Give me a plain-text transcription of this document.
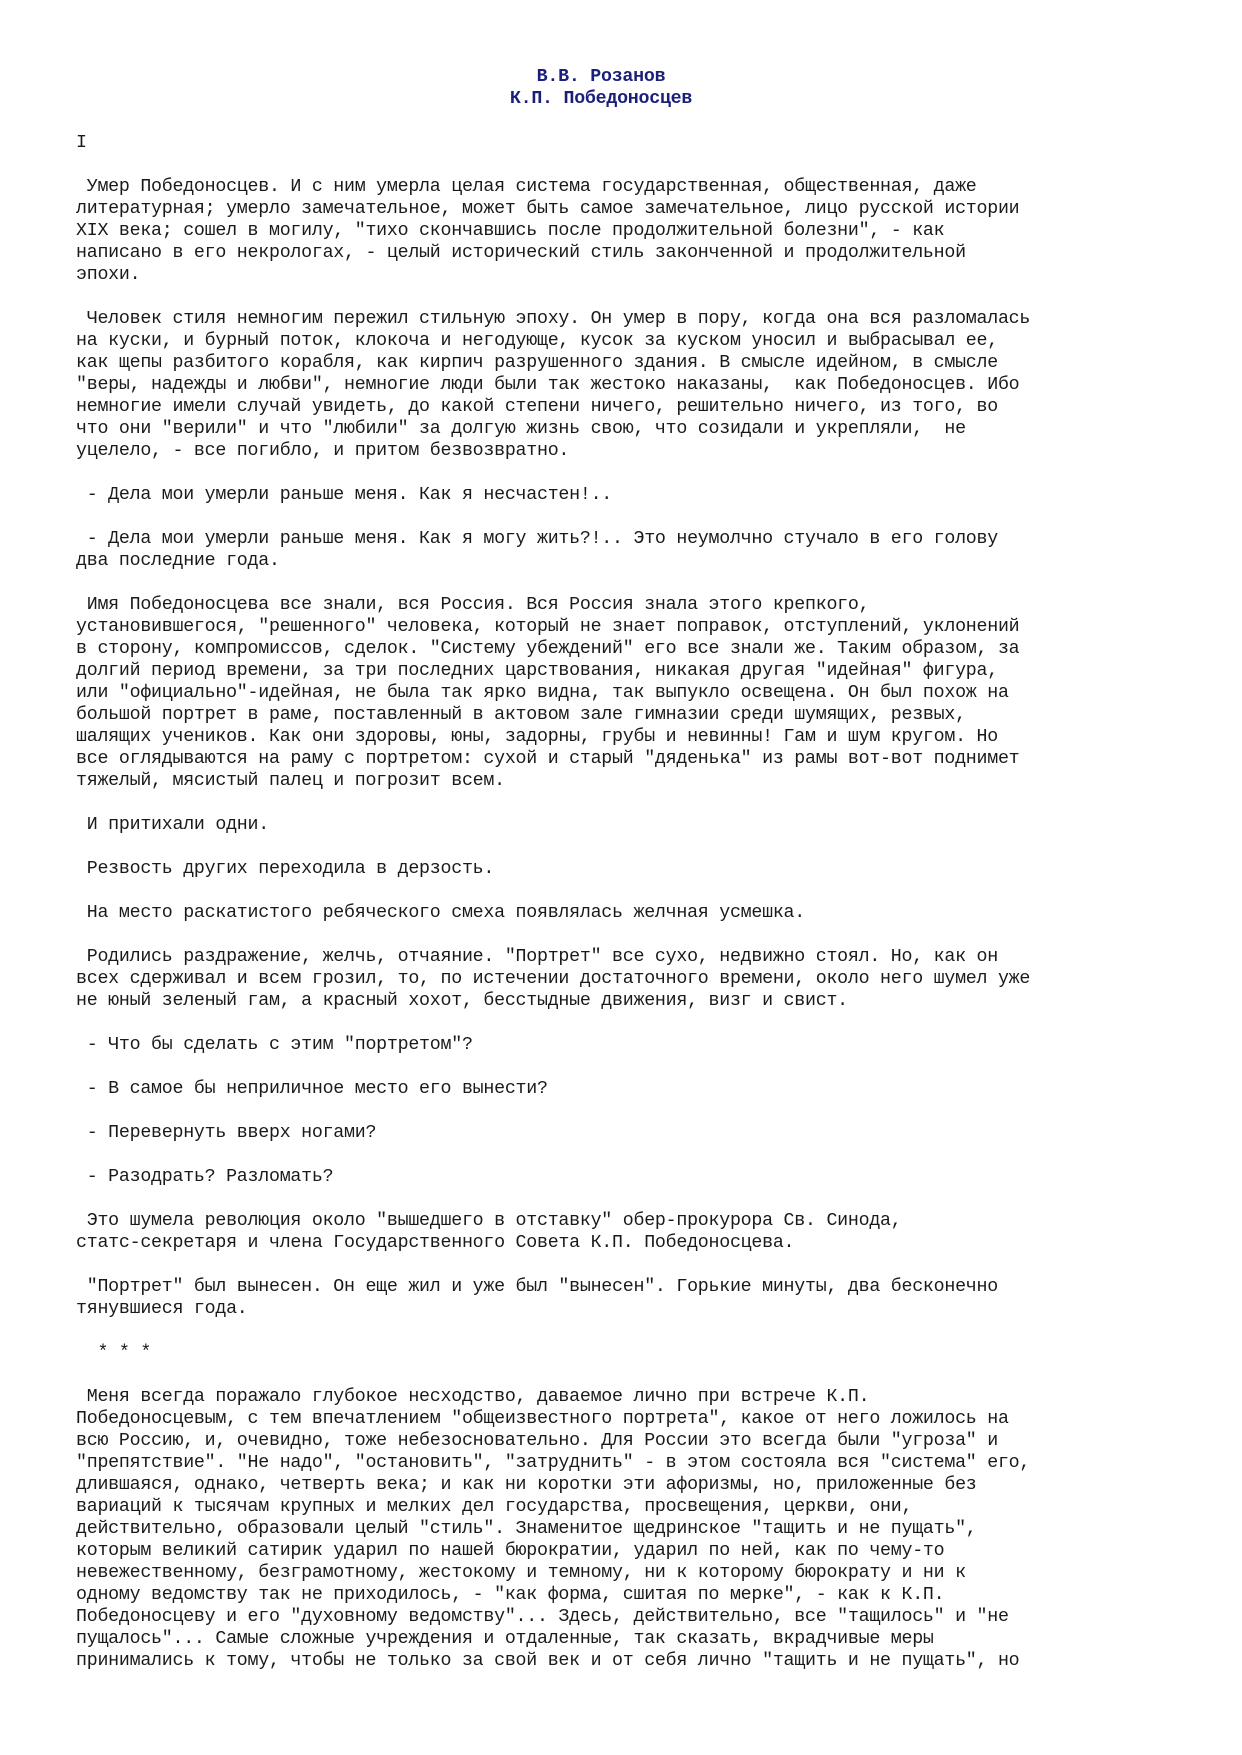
В.В. Розанов
К.П. Победоносцев
I
Умер Победоносцев. И с ним умерла целая система государственная, общественная, даже
литературная; умерло замечательное, может быть самое замечательное, лицо русской истории
XIX века; сошел в могилу, "тихо скончавшись после продолжительной болезни", - как
написано в его некрологах, - целый исторический стиль законченной и продолжительной
эпохи.
Человек стиля немногим пережил стильную эпоху. Он умер в пору, когда она вся разломалась
на куски, и бурный поток, клокоча и негодующе, кусок за куском уносил и выбрасывал ее,
как щепы разбитого корабля, как кирпич разрушенного здания. В смысле идейном, в смысле
"веры, надежды и любви", немногие люди были так жестоко наказаны,  как Победоносцев. Ибо
немногие имели случай увидеть, до какой степени ничего, решительно ничего, из того, во
что они "верили" и что "любили" за долгую жизнь свою, что созидали и укрепляли,  не
уцелело, - все погибло, и притом безвозвратно.
- Дела мои умерли раньше меня. Как я несчастен!..
- Дела мои умерли раньше меня. Как я могу жить?!.. Это неумолчно стучало в его голову
два последние года.
Имя Победоносцева все знали, вся Россия. Вся Россия знала этого крепкого,
установившегося, "решенного" человека, который не знает поправок, отступлений, уклонений
в сторону, компромиссов, сделок. "Систему убеждений" его все знали же. Таким образом, за
долгий период времени, за три последних царствования, никакая другая "идейная" фигура,
или "официально"-идейная, не была так ярко видна, так выпукло освещена. Он был похож на
большой портрет в раме, поставленный в актовом зале гимназии среди шумящих, резвых,
шалящих учеников. Как они здоровы, юны, задорны, грубы и невинны! Гам и шум кругом. Но
все оглядываются на раму с портретом: сухой и старый "дяденька" из рамы вот-вот поднимет
тяжелый, мясистый палец и погрозит всем.
И притихали одни.
Резвость других переходила в дерзость.
На место раскатистого ребяческого смеха появлялась желчная усмешка.
Родились раздражение, желчь, отчаяние. "Портрет" все сухо, недвижно стоял. Но, как он
всех сдерживал и всем грозил, то, по истечении достаточного времени, около него шумел уже
не юный зеленый гам, а красный хохот, бесстыдные движения, визг и свист.
- Что бы сделать с этим "портретом"?
- В самое бы неприличное место его вынести?
- Перевернуть вверх ногами?
- Разодрать? Разломать?
Это шумела революция около "вышедшего в отставку" обер-прокурора Св. Синода,
статс-секретаря и члена Государственного Совета К.П. Победоносцева.
"Портрет" был вынесен. Он еще жил и уже был "вынесен". Горькие минуты, два бесконечно
тянувшиеся года.
* * *
Меня всегда поражало глубокое несходство, даваемое лично при встрече К.П.
Победоносцевым, с тем впечатлением "общеизвестного портрета", какое от него ложилось на
всю Россию, и, очевидно, тоже небезосновательно. Для России это всегда были "угроза" и
"препятствие". "Не надо", "остановить", "затруднить" - в этом состояла вся "система" его,
длившаяся, однако, четверть века; и как ни коротки эти афоризмы, но, приложенные без
вариаций к тысячам крупных и мелких дел государства, просвещения, церкви, они,
действительно, образовали целый "стиль". Знаменитое щедринское "тащить и не пущать",
которым великий сатирик ударил по нашей бюрократии, ударил по ней, как по чему-то
невежественному, безграмотному, жестокому и темному, ни к которому бюрократу и ни к
одному ведомству так не приходилось, - "как форма, сшитая по мерке", - как к К.П.
Победоносцеву и его "духовному ведомству"... Здесь, действительно, все "тащилось" и "не
пущалось"... Самые сложные учреждения и отдаленные, так сказать, вкрадчивые меры
принимались к тому, чтобы не только за свой век и от себя лично "тащить и не пущать", но
